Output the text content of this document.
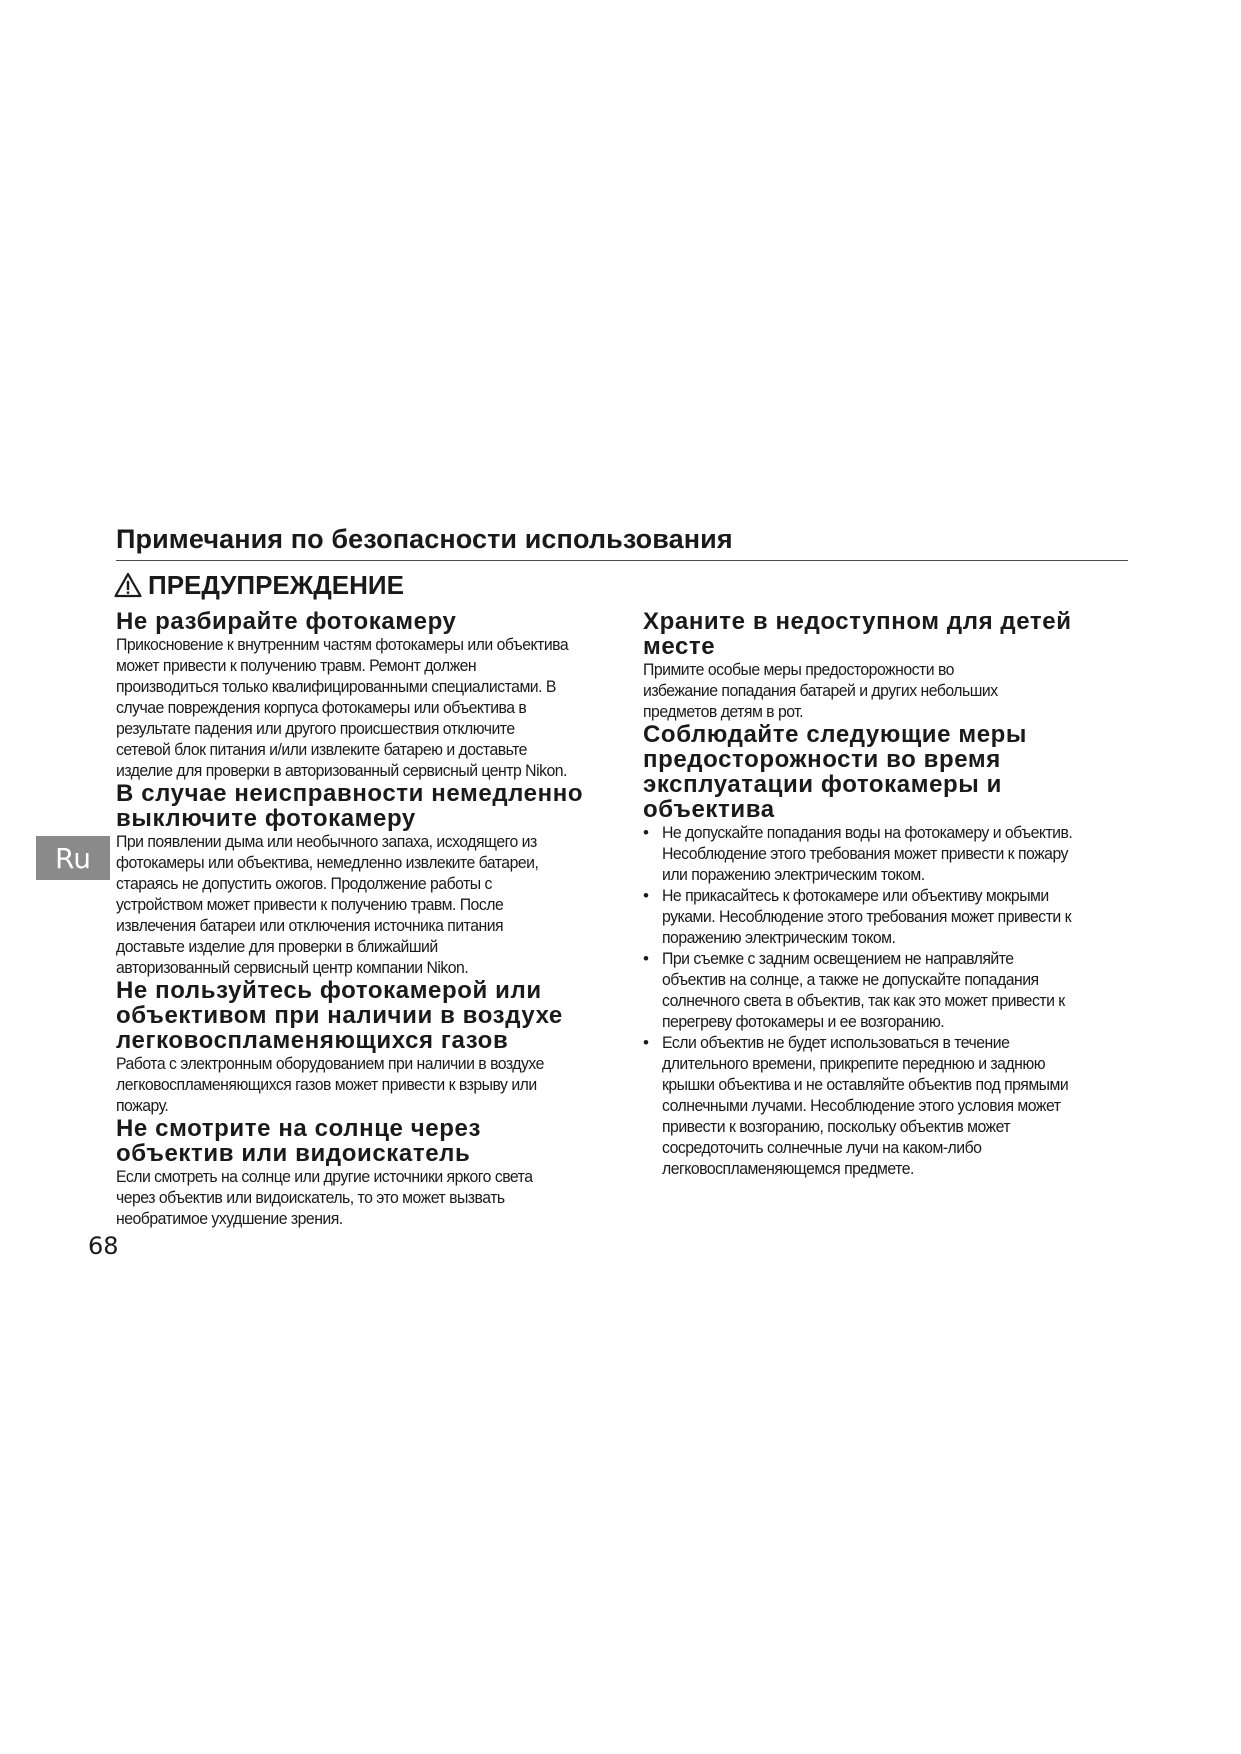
Примечания по безопасности использования
ПРЕДУПРЕЖДЕНИЕ
Ru
Не разбирайте фотокамеру

Прикосновение к внутренним частям фотокамеры или объектива
может привести к получению травм. Ремонт должен
производиться только квалифицированными специалистами. В
случае повреждения корпуса фотокамеры или объектива в
результате падения или другого происшествия отключите
сетевой блок питания и/или извлеките батарею и доставьте
изделие для проверки в авторизованный сервисный центр Nikon.

В случае неисправности немедленно
выключите фотокамеру

При появлении дыма или необычного запаха, исходящего из
фотокамеры или объектива, немедленно извлеките батареи,
стараясь не допустить ожогов. Продолжение работы с
устройством может привести к получению травм. После
извлечения батареи или отключения источника питания
доставьте изделие для проверки в ближайший
авторизованный сервисный центр компании Nikon.

Не пользуйтесь фотокамерой или
объективом при наличии в воздухе
легковоспламеняющихся газов

Работа с электронным оборудованием при наличии в воздухе
легковоспламеняющихся газов может привести к взрыву или
пожару.

Не смотрите на солнце через
объектив или видоискатель

Если смотреть на солнце или другие источники яркого света
через объектив или видоискатель, то это может вызвать
необратимое ухудшение зрения.

Храните в недоступном для детей месте

Примите особые меры предосторожности во
избежание попадания батарей и других небольших
предметов детям в рот.

Соблюдайте следующие меры
предосторожности во время
эксплуатации фотокамеры и
объектива
• Не допускайте попадания воды на фотокамеру и объектив.
Несоблюдение этого требования может привести к пожару
или поражению электрическим током.

• Не прикасайтесь к фотокамере или объективу мокрыми
руками. Несоблюдение этого требования может привести к
поражению электрическим током.

• При съемке с задним освещением не направляйте
объектив на солнце, а также не допускайте попадания
солнечного света в объектив, так как это может привести к
перегреву фотокамеры и ее возгоранию.

• Если объектив не будет использоваться в течение
длительного времени, прикрепите переднюю и заднюю
крышки объектива и не оставляйте объектив под прямыми
солнечными лучами. Несоблюдение этого условия может
привести к возгоранию, поскольку объектив может
сосредоточить солнечные лучи на каком-либо
легковоспламеняющемся предмете.

68
